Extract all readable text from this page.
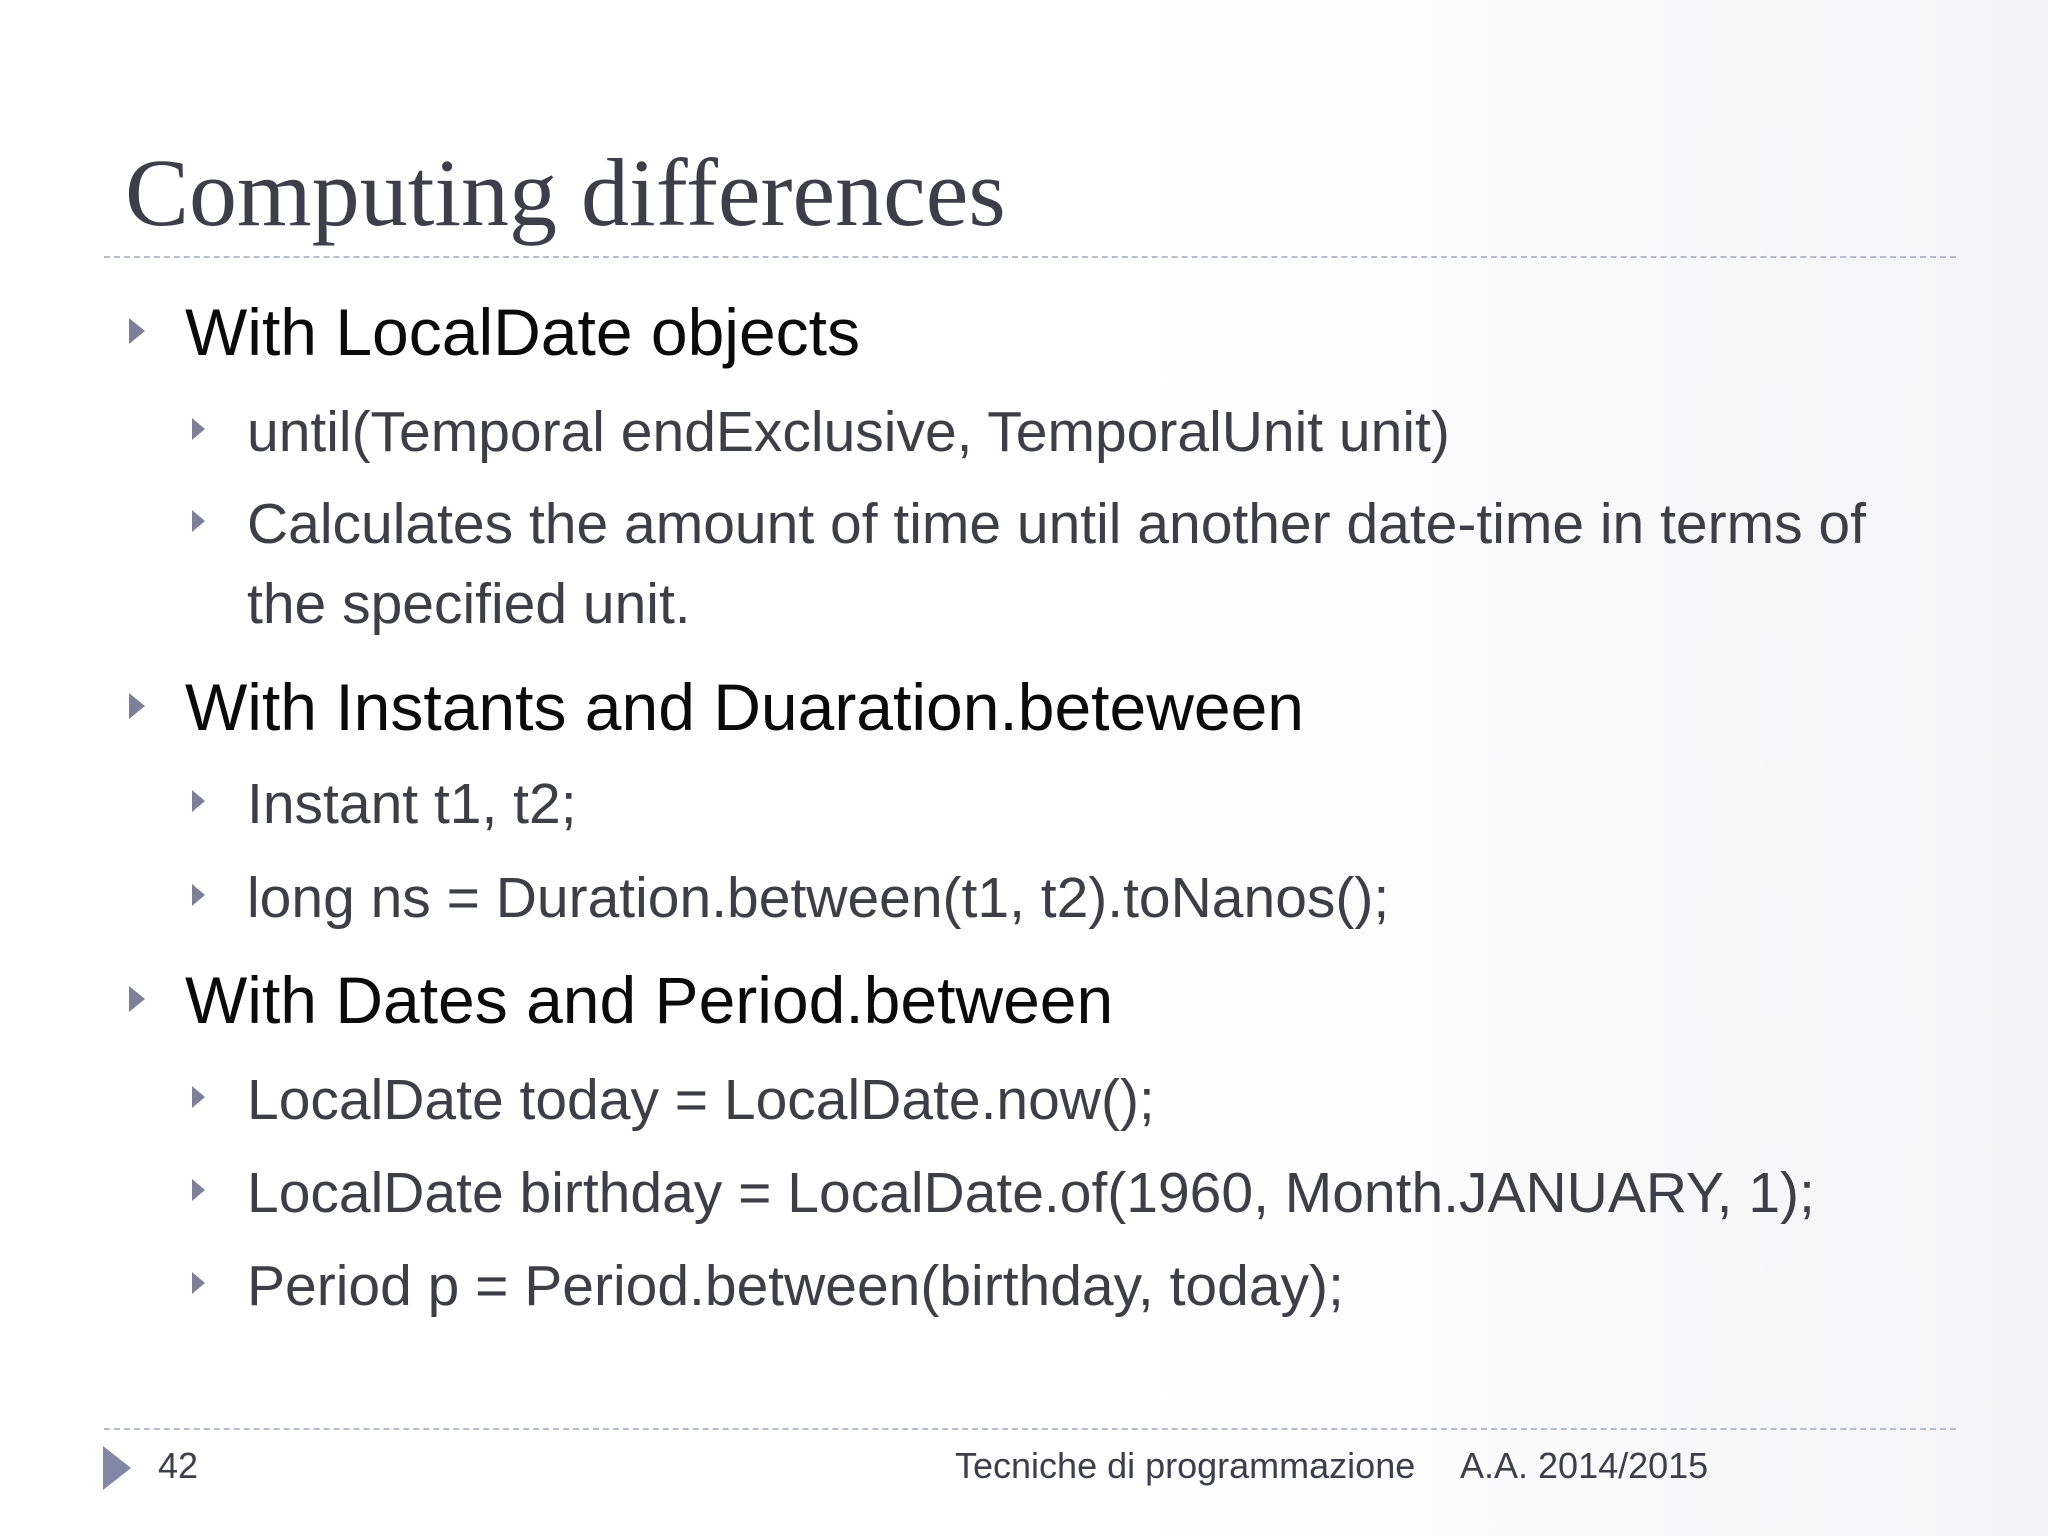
Computing differences
With LocalDate objects
until(Temporal endExclusive, TemporalUnit unit)
Calculates the amount of time until another date-time in terms of the specified unit.
With Instants and Duaration.beteween
Instant t1, t2;
long ns = Duration.between(t1, t2).toNanos();
With Dates and Period.between
LocalDate today = LocalDate.now();
LocalDate birthday = LocalDate.of(1960, Month.JANUARY, 1);
Period p = Period.between(birthday, today);
42	Tecniche di programmazione A.A. 2014/2015
